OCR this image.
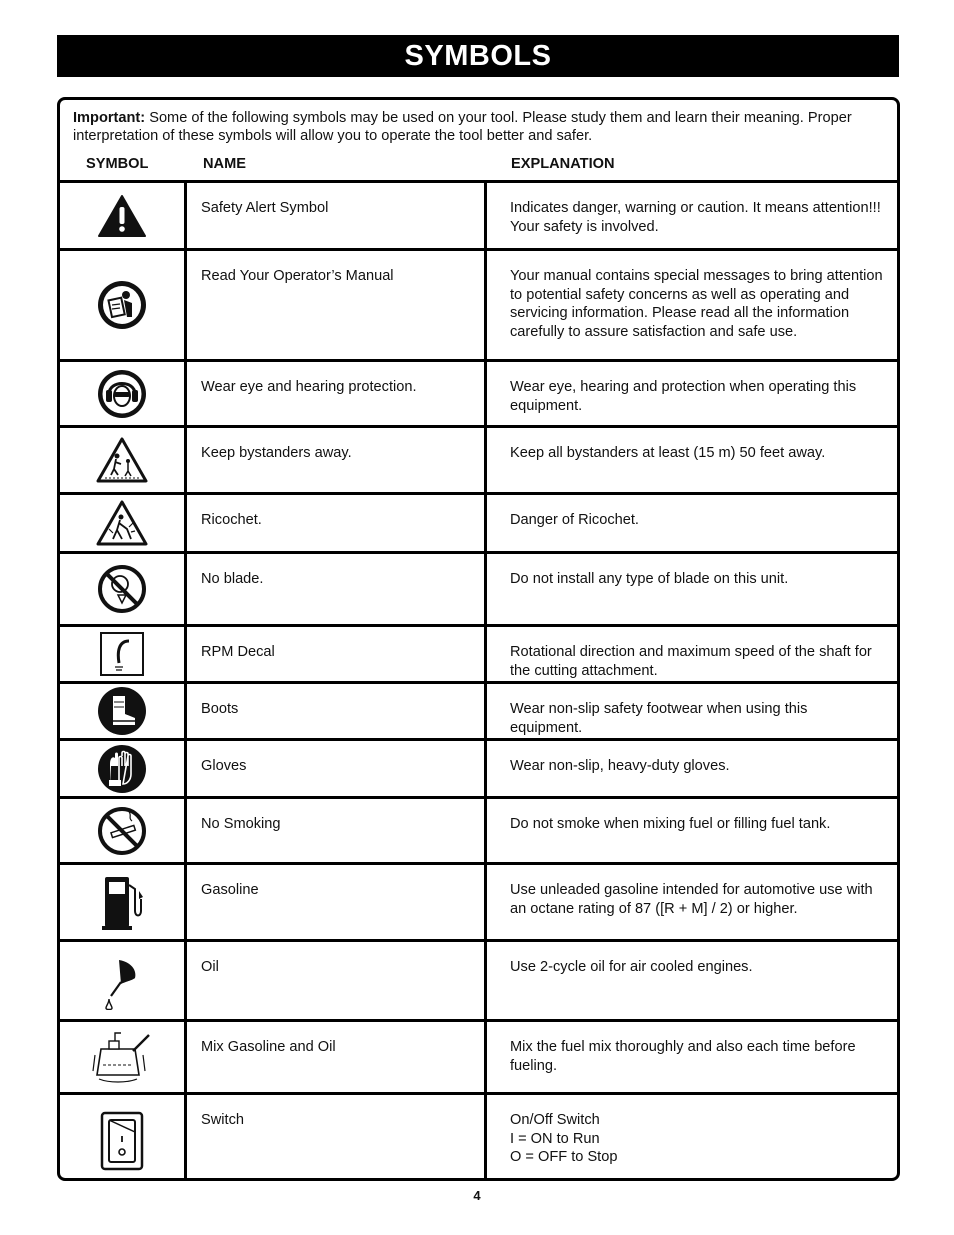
SYMBOLS
Important: Some of the following symbols may be used on your tool. Please study them and learn their meaning. Proper interpretation of these symbols will allow you to operate the tool better and safer.
SYMBOL	NAME	EXPLANATION
Safety Alert Symbol	Indicates danger, warning or caution. It means attention!!! Your safety is involved.
Read Your Operator’s Manual	Your manual contains special messages to bring attention to potential safety concerns as well as operating and servicing information. Please read all the information carefully to assure satisfaction and safe use.
Wear eye and hearing protection.	Wear eye, hearing and protection when operating this equipment.
Keep bystanders away.	Keep all bystanders at least (15 m) 50 feet away.
Ricochet.	Danger of Ricochet.
No blade.	Do not install any type of blade on this unit.
RPM Decal	Rotational direction and maximum speed of the shaft for the cutting attachment.
Boots	Wear non-slip safety footwear when using this equipment.
Gloves	Wear non-slip, heavy-duty gloves.
No Smoking	Do not smoke when mixing fuel or filling fuel tank.
Gasoline	Use unleaded gasoline intended for automotive use with an octane rating of 87 ([R + M] / 2) or higher.
Oil	Use 2-cycle oil for air cooled engines.
Mix Gasoline and Oil	Mix the fuel mix thoroughly and also each time before fueling.
Switch	On/Off Switch
I = ON to Run
O = OFF to Stop
4
